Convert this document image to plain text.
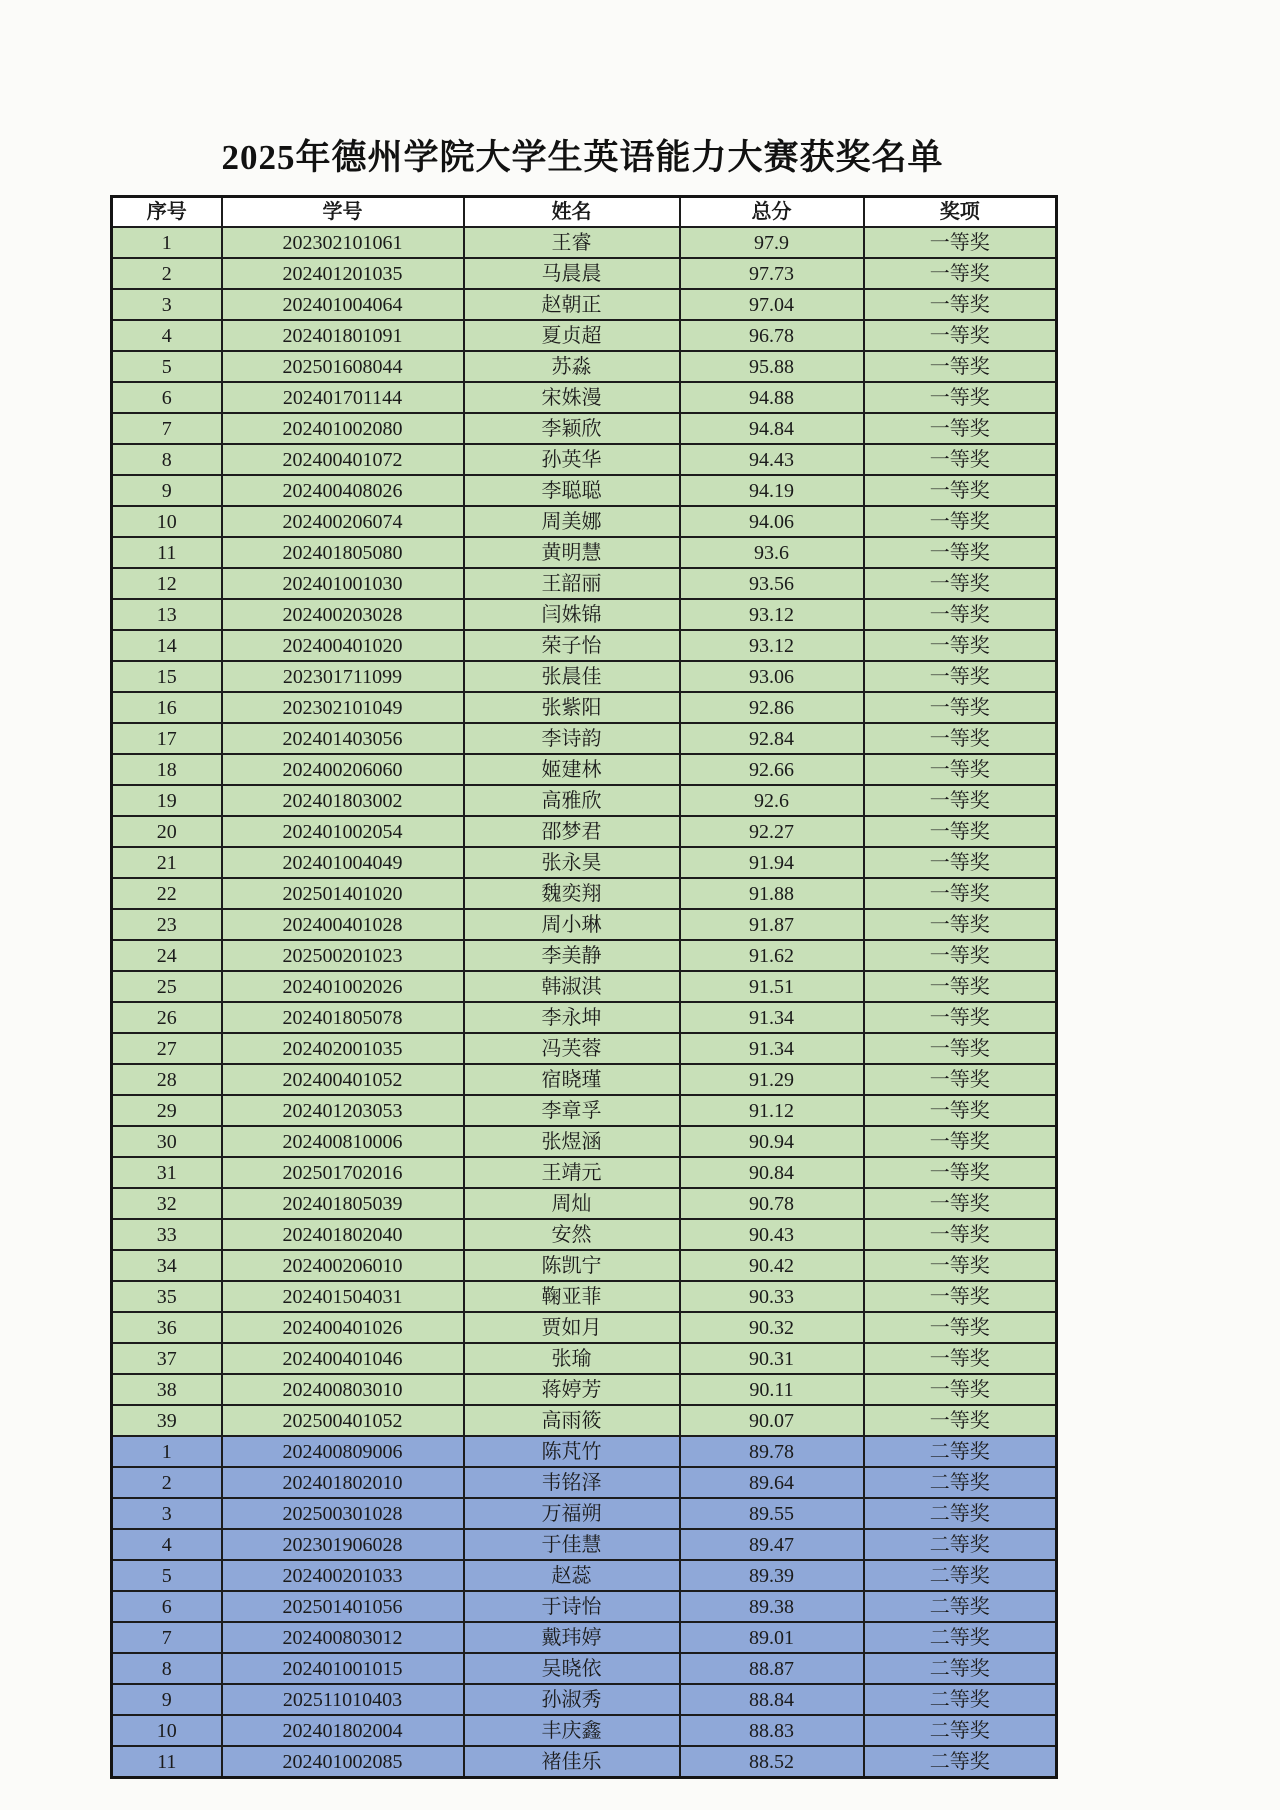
2025年德州学院大学生英语能力大赛获奖名单
序号	学号	姓名	总分	奖项
1	202302101061	王睿	97.9	一等奖
2	202401201035	马晨晨	97.73	一等奖
3	202401004064	赵朝正	97.04	一等奖
4	202401801091	夏贞超	96.78	一等奖
5	202501608044	苏淼	95.88	一等奖
6	202401701144	宋姝漫	94.88	一等奖
7	202401002080	李颖欣	94.84	一等奖
8	202400401072	孙英华	94.43	一等奖
9	202400408026	李聪聪	94.19	一等奖
10	202400206074	周美娜	94.06	一等奖
11	202401805080	黄明慧	93.6	一等奖
12	202401001030	王韶丽	93.56	一等奖
13	202400203028	闫姝锦	93.12	一等奖
14	202400401020	荣子怡	93.12	一等奖
15	202301711099	张晨佳	93.06	一等奖
16	202302101049	张紫阳	92.86	一等奖
17	202401403056	李诗韵	92.84	一等奖
18	202400206060	姬建林	92.66	一等奖
19	202401803002	高雅欣	92.6	一等奖
20	202401002054	邵梦君	92.27	一等奖
21	202401004049	张永昊	91.94	一等奖
22	202501401020	魏奕翔	91.88	一等奖
23	202400401028	周小琳	91.87	一等奖
24	202500201023	李美静	91.62	一等奖
25	202401002026	韩淑淇	91.51	一等奖
26	202401805078	李永坤	91.34	一等奖
27	202402001035	冯芙蓉	91.34	一等奖
28	202400401052	宿晓瑾	91.29	一等奖
29	202401203053	李章孚	91.12	一等奖
30	202400810006	张煜涵	90.94	一等奖
31	202501702016	王靖元	90.84	一等奖
32	202401805039	周灿	90.78	一等奖
33	202401802040	安然	90.43	一等奖
34	202400206010	陈凯宁	90.42	一等奖
35	202401504031	鞠亚菲	90.33	一等奖
36	202400401026	贾如月	90.32	一等奖
37	202400401046	张瑜	90.31	一等奖
38	202400803010	蒋婷芳	90.11	一等奖
39	202500401052	高雨筱	90.07	一等奖
1	202400809006	陈芃竹	89.78	二等奖
2	202401802010	韦铭泽	89.64	二等奖
3	202500301028	万福朔	89.55	二等奖
4	202301906028	于佳慧	89.47	二等奖
5	202400201033	赵蕊	89.39	二等奖
6	202501401056	于诗怡	89.38	二等奖
7	202400803012	戴玮婷	89.01	二等奖
8	202401001015	吴晓依	88.87	二等奖
9	202511010403	孙淑秀	88.84	二等奖
10	202401802004	丰庆鑫	88.83	二等奖
11	202401002085	褚佳乐	88.52	二等奖
